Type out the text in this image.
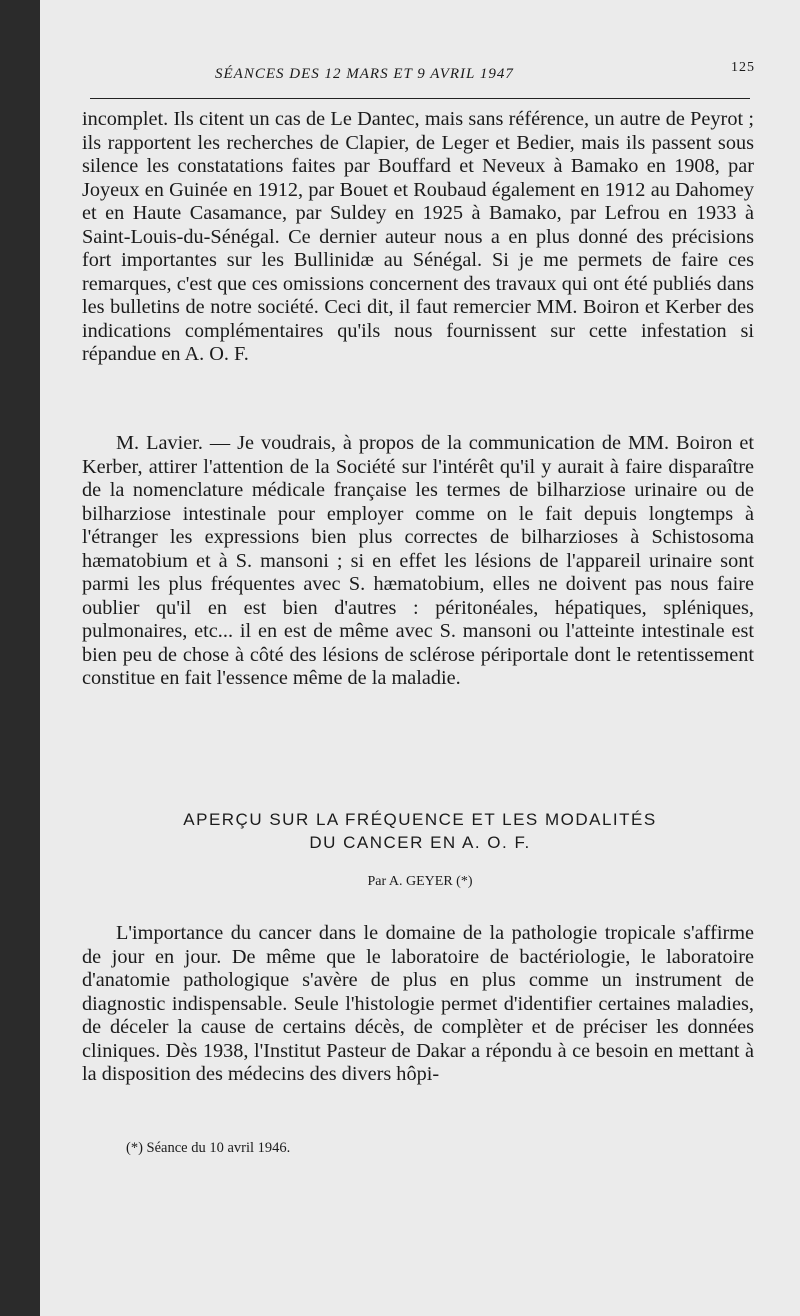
SÉANCES DES 12 MARS ET 9 AVRIL 1947	125

incomplet. Ils citent un cas de Le Dantec, mais sans référence, un autre de Peyrot ; ils rapportent les recherches de Clapier, de Leger et Bedier, mais ils passent sous silence les constatations faites par Bouffard et Neveux à Bamako en 1908, par Joyeux en Guinée en 1912, par Bouet et Roubaud également en 1912 au Dahomey et en Haute Casamance, par Suldey en 1925 à Bamako, par Lefrou en 1933 à Saint-Louis-du-Sénégal. Ce dernier auteur nous a en plus donné des précisions fort importantes sur les Bullinidæ au Sénégal. Si je me permets de faire ces remarques, c'est que ces omissions concernent des travaux qui ont été publiés dans les bulletins de notre société. Ceci dit, il faut remercier MM. Boiron et Kerber des indications complémentaires qu'ils nous fournissent sur cette infestation si répandue en A. O. F.

M. Lavier. — Je voudrais, à propos de la communication de MM. Boiron et Kerber, attirer l'attention de la Société sur l'intérêt qu'il y aurait à faire disparaître de la nomenclature médicale française les termes de bilharziose urinaire ou de bilharziose intestinale pour employer comme on le fait depuis longtemps à l'étranger les expressions bien plus correctes de bilharzioses à Schistosoma hæmatobium et à S. mansoni ; si en effet les lésions de l'appareil urinaire sont parmi les plus fréquentes avec S. hæmatobium, elles ne doivent pas nous faire oublier qu'il en est bien d'autres : péritonéales, hépatiques, spléniques, pulmonaires, etc... il en est de même avec S. mansoni ou l'atteinte intestinale est bien peu de chose à côté des lésions de sclérose périportale dont le retentissement constitue en fait l'essence même de la maladie.

APERÇU SUR LA FRÉQUENCE ET LES MODALITÉS
DU CANCER EN A. O. F.
Par A. GEYER (*)

L'importance du cancer dans le domaine de la pathologie tropicale s'affirme de jour en jour. De même que le laboratoire de bactériologie, le laboratoire d'anatomie pathologique s'avère de plus en plus comme un instrument de diagnostic indispensable. Seule l'histologie permet d'identifier certaines maladies, de déceler la cause de certains décès, de complèter et de préciser les données cliniques. Dès 1938, l'Institut Pasteur de Dakar a répondu à ce besoin en mettant à la disposition des médecins des divers hôpi-

(*) Séance du 10 avril 1946.
